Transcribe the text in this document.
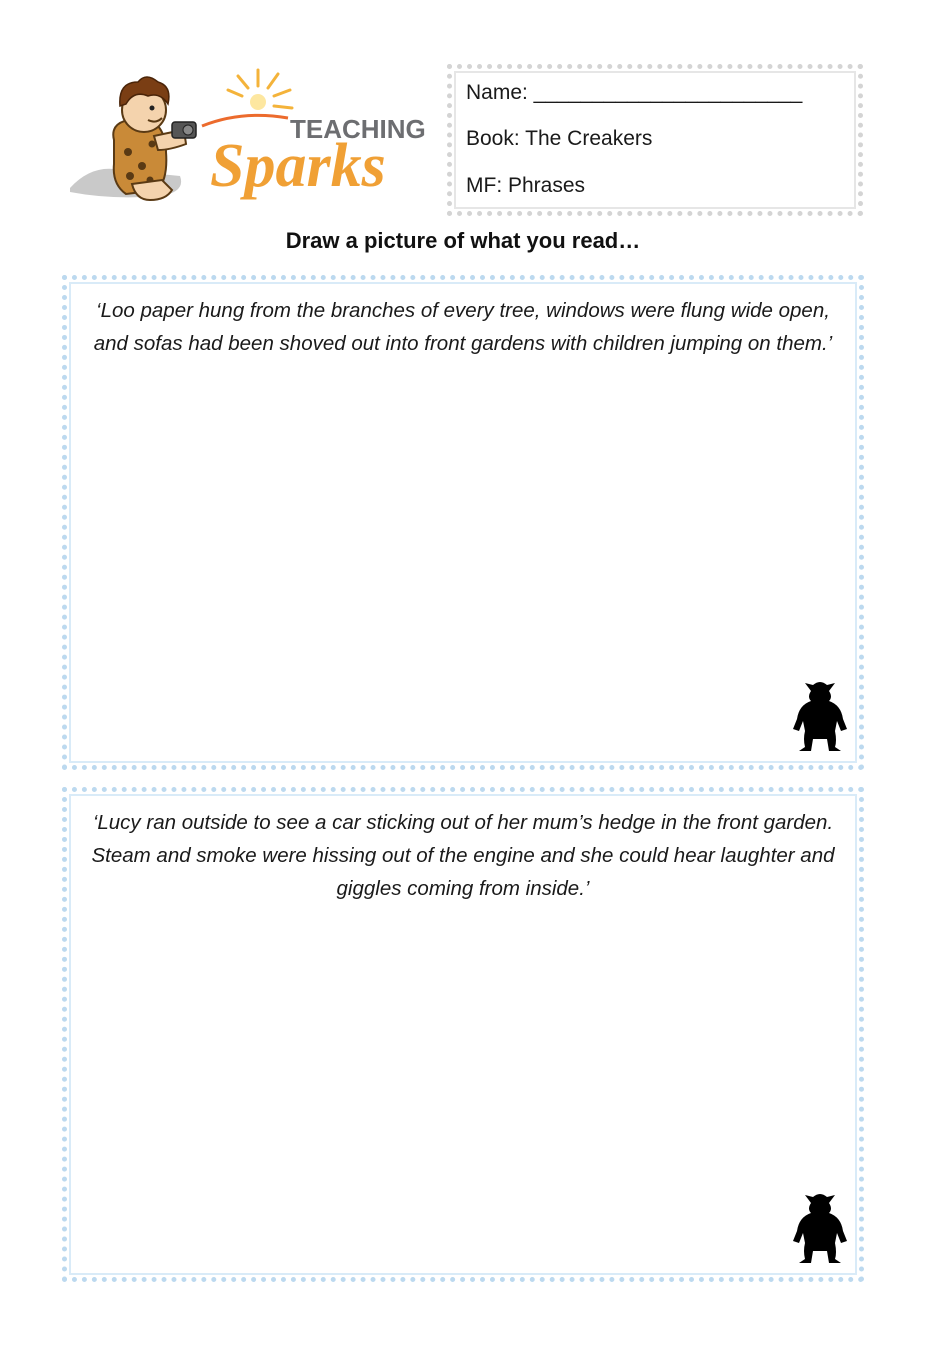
TEACHING
Sparks
Name: _______________________
Book: The Creakers
MF: Phrases
Draw a picture of what you read…
‘Loo paper hung from the branches of every tree, windows were flung wide open, and sofas had been shoved out into front gardens with children jumping on them.’
‘Lucy ran outside to see a car sticking out of her mum’s hedge in the front garden. Steam and smoke were hissing out of the engine and she could hear laughter and giggles coming from inside.’
